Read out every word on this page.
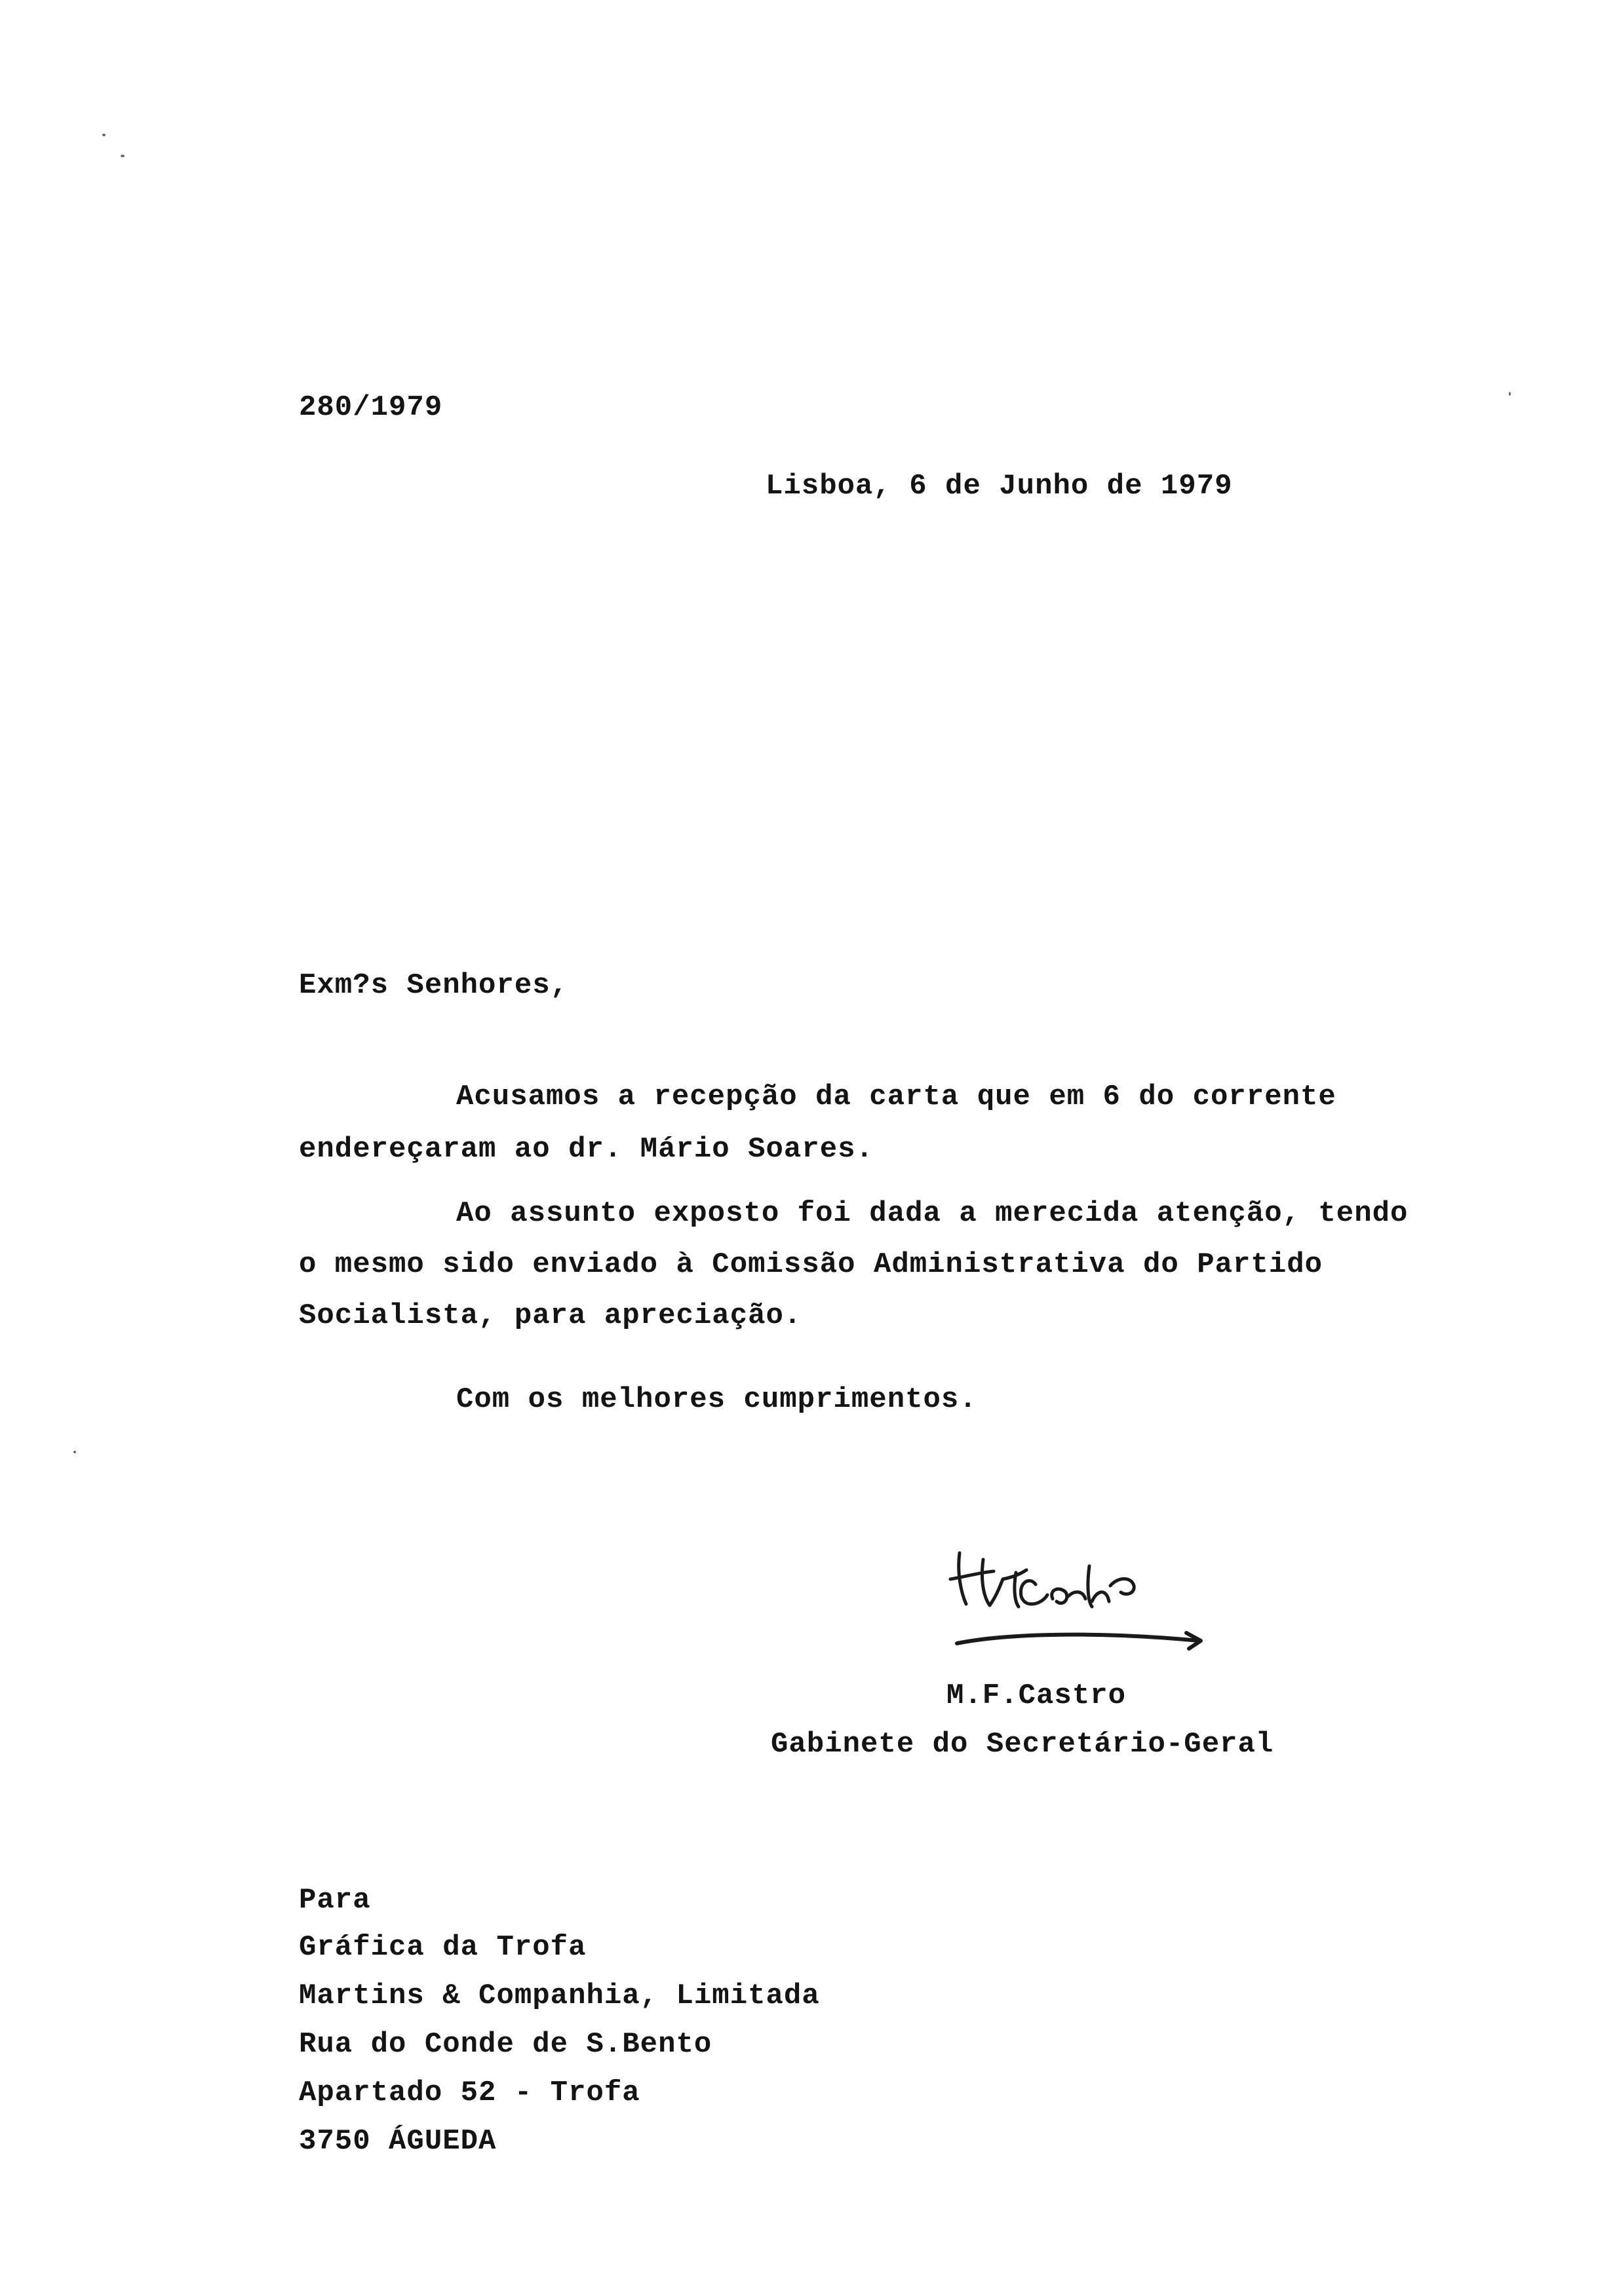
280/1979
Lisboa, 6 de Junho de 1979
Exm?s Senhores,
Acusamos a recepção da carta que em 6 do corrente
endereçaram ao dr. Mário Soares.
Ao assunto exposto foi dada a merecida atenção, tendo
o mesmo sido enviado à Comissão Administrativa do Partido
Socialista, para apreciação.
Com os melhores cumprimentos.
M.F.Castro
M.F.Castro
Gabinete do Secretário-Geral
Para
Gráfica da Trofa
Martins & Companhia, Limitada
Rua do Conde de S.Bento
Apartado 52 - Trofa
3750 ÁGUEDA
